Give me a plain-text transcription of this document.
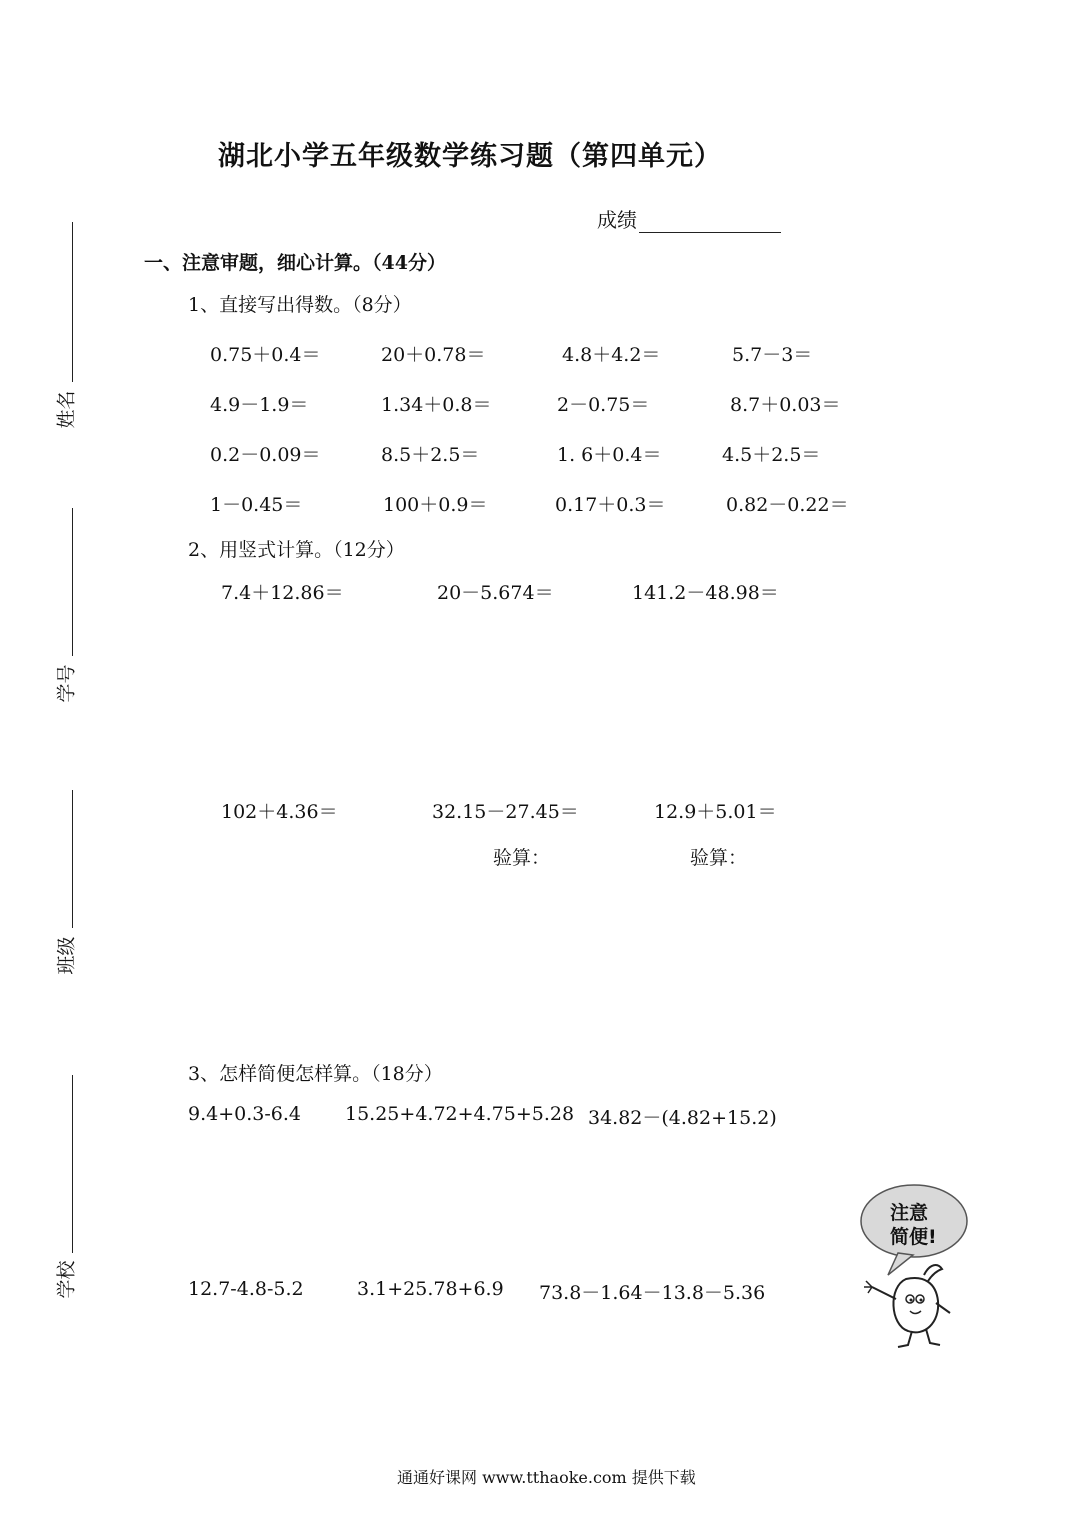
湖北小学五年级数学练习题（第四单元）
成绩
姓名
学号
班级
学校
一、注意审题，细心计算。（44分）
1、直接写出得数。（8分）
0.75＋0.4＝	20＋0.78＝	4.8＋4.2＝	5.7－3＝
4.9－1.9＝	1.34＋0.8＝	2－0.75＝	8.7＋0.03＝
0.2－0.09＝	8.5＋2.5＝	1. 6＋0.4＝	4.5＋2.5＝
1－0.45＝	100＋0.9＝	0.17＋0.3＝	0.82－0.22＝
2、用竖式计算。（12分）
7.4＋12.86＝	20－5.674＝	141.2－48.98＝
102＋4.36＝	32.15－27.45＝	12.9＋5.01＝
验算：	验算：
3、怎样简便怎样算。（18分）
9.4+0.3-6.4 15.25+4.72+4.75+5.28 34.82－(4.82+15.2)
12.7-4.8-5.2	3.1+25.78+6.9 73.8－1.64－13.8－5.36
注意
简便!
通通好课网 www.tthaoke.com 提供下载
